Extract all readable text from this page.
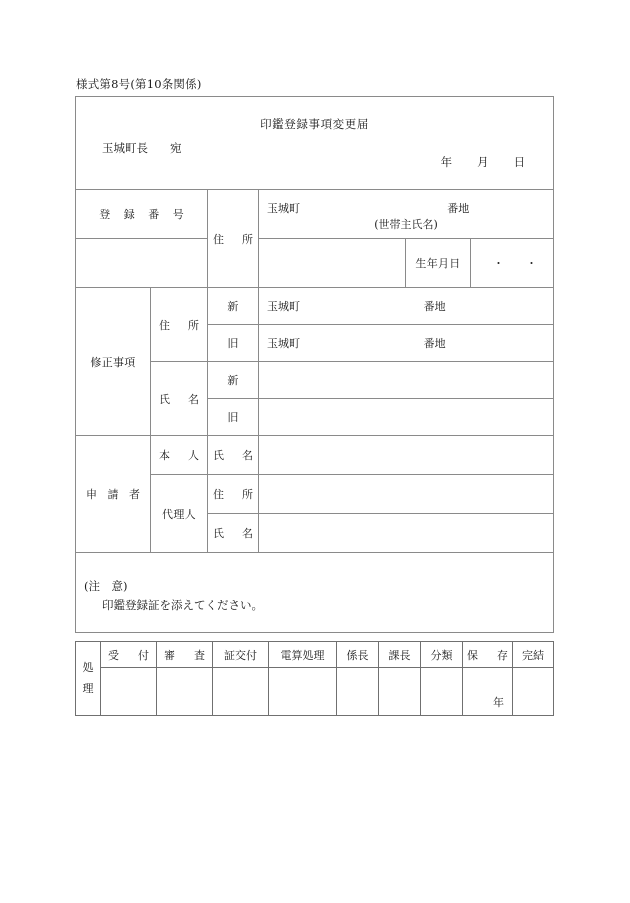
様式第8号(第10条関係)
印鑑登録事項変更届
玉城町長 宛
年 月 日					

登 録 番 号		住　所	玉城町 番地
(世帯主氏名)		

				生年月日	・・
修正事項	住　所	新	玉城町 番地		

		旧	玉城町 番地		

	氏　名	新			
		旧			
申 請 者	本　人	氏　名			
	代理人	住　所			
		氏　名			

(注　意)
印鑑登録証を添えてください。					
処
理	受　付	審　査	証交付	電算処理	係長	課長	分類	保　存	完結

								年	
